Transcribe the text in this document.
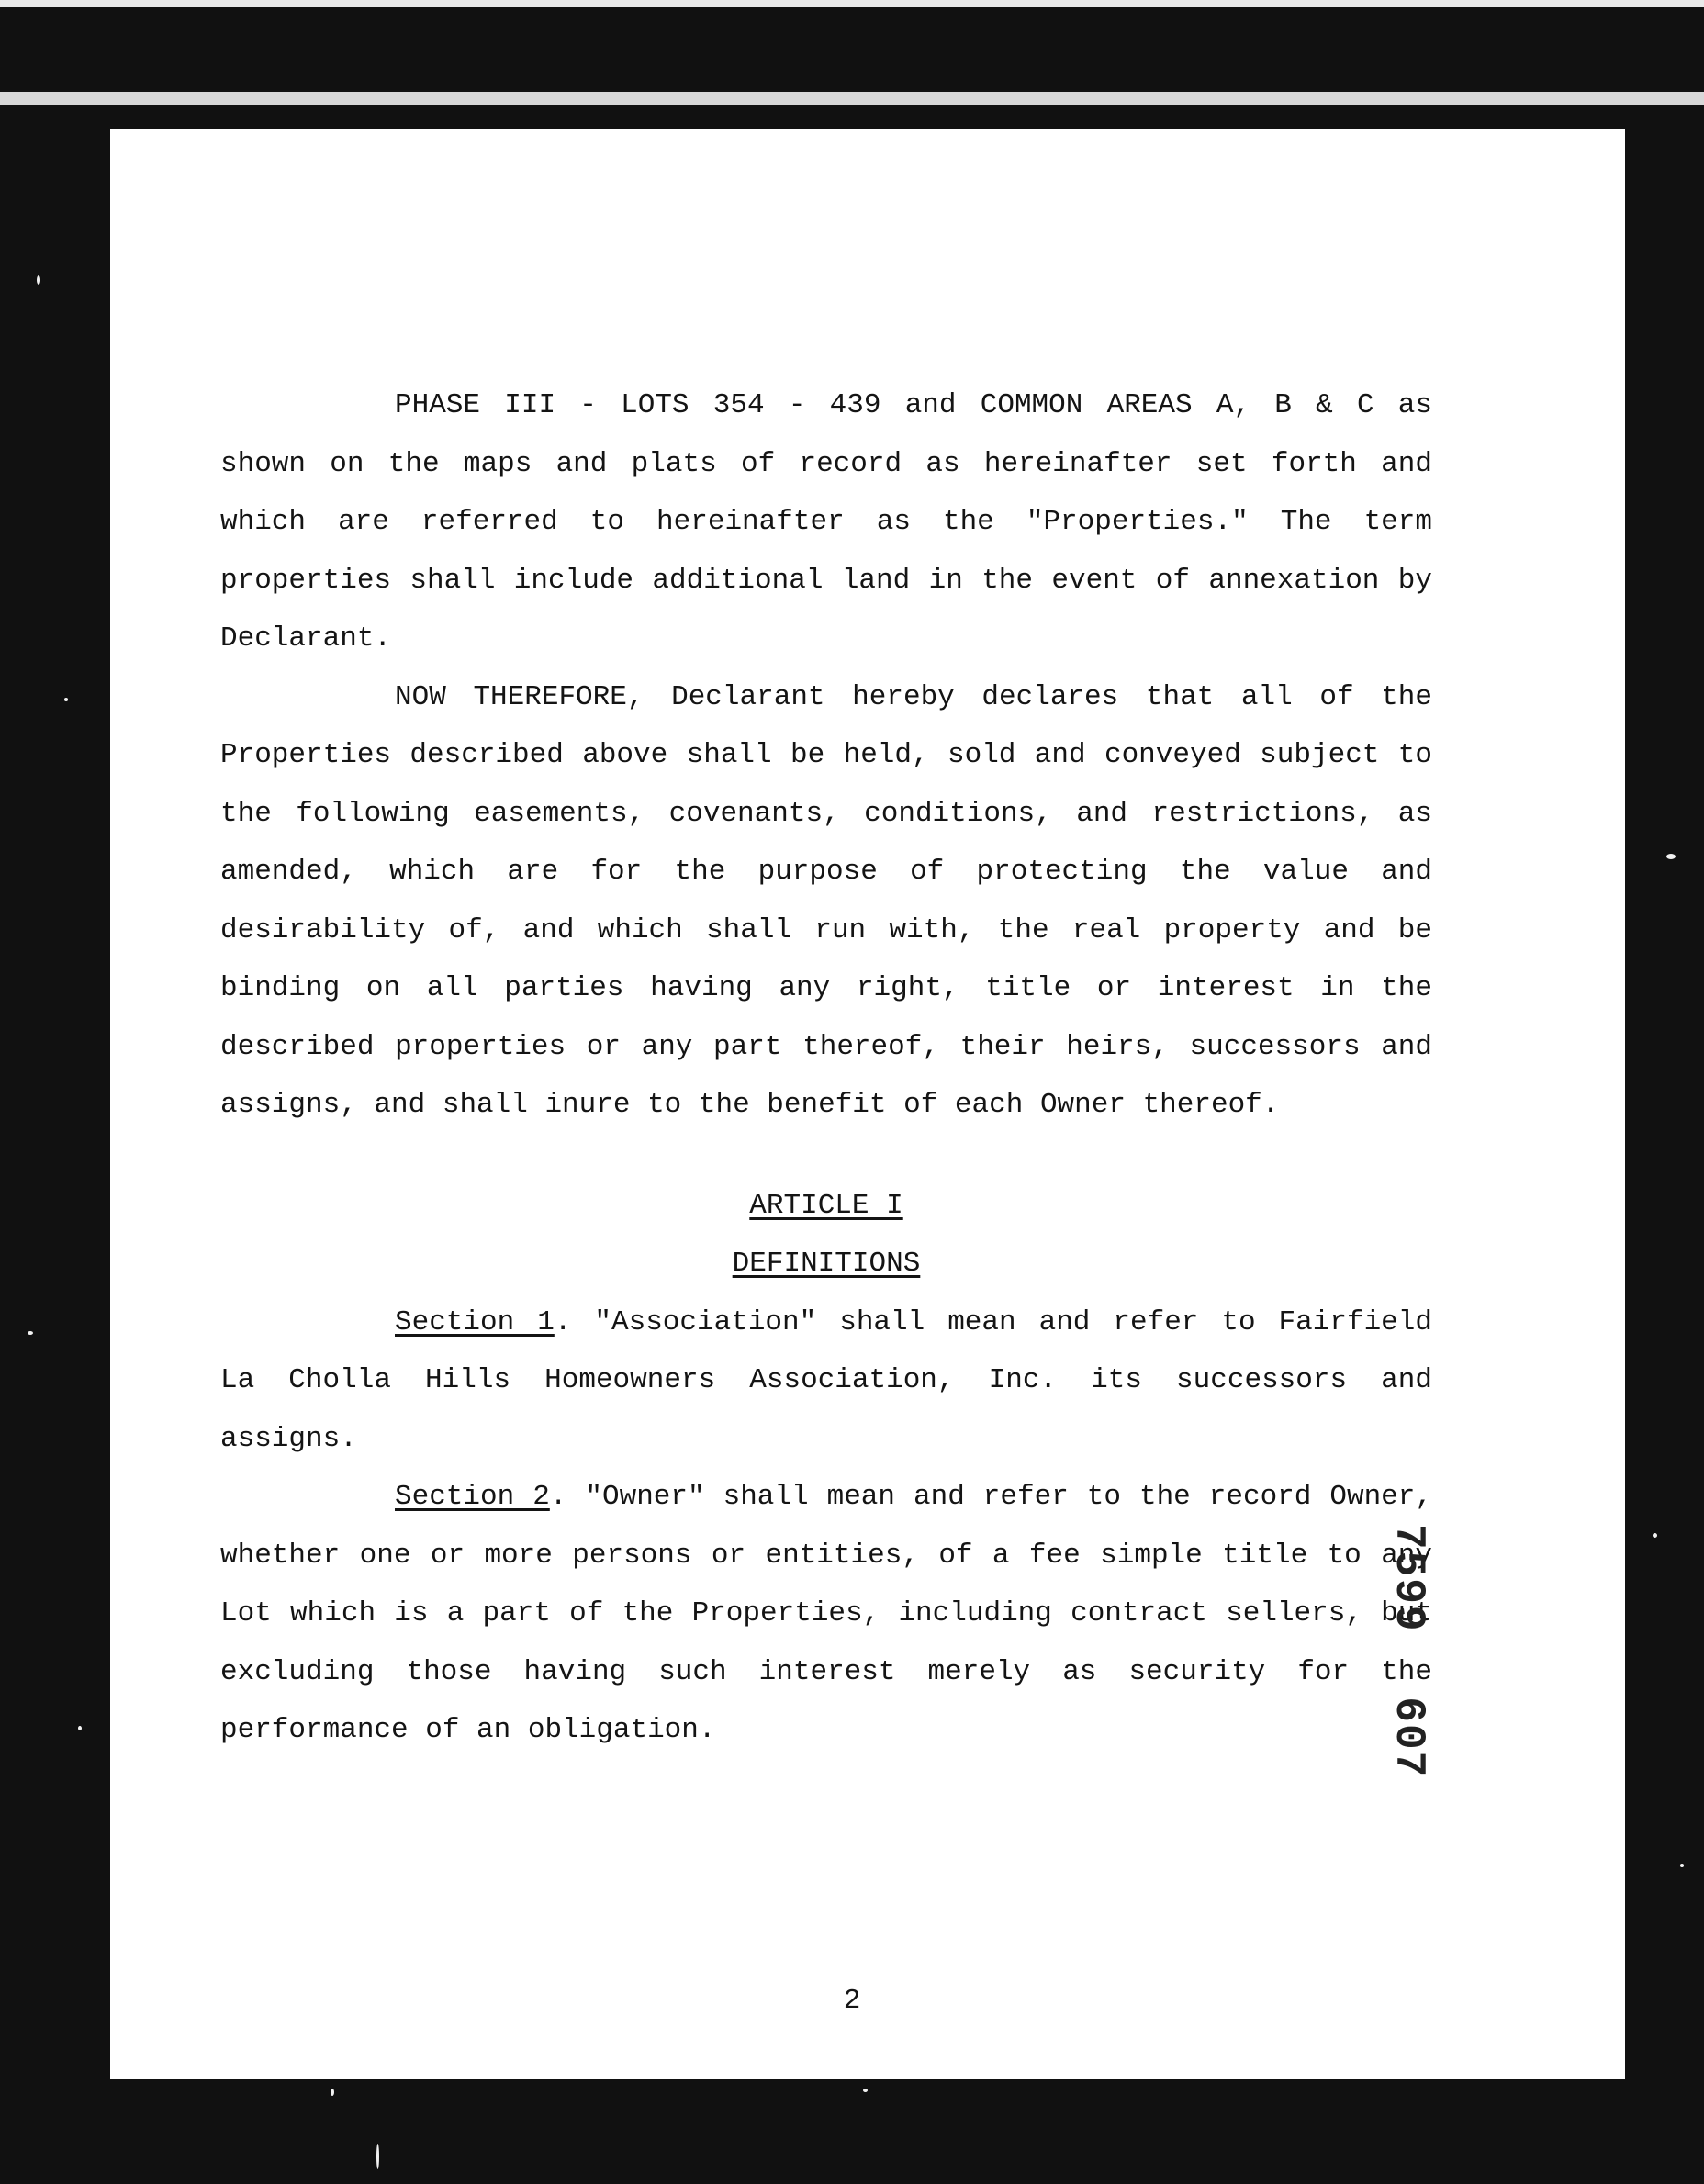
PHASE III - LOTS 354 - 439 and COMMON AREAS A, B & C as shown on the maps and plats of record as hereinafter set forth and which are referred to hereinafter as the "Properties." The term properties shall include additional land in the event of annexation by Declarant.

NOW THEREFORE, Declarant hereby declares that all of the Properties described above shall be held, sold and conveyed subject to the following easements, covenants, conditions, and restrictions, as amended, which are for the purpose of protecting the value and desirability of, and which shall run with, the real property and be binding on all parties having any right, title or interest in the described properties or any part thereof, their heirs, successors and assigns, and shall inure to the benefit of each Owner thereof.

ARTICLE I

DEFINITIONS

Section 1. "Association" shall mean and refer to Fairfield La Cholla Hills Homeowners Association, Inc. its successors and assigns.

Section 2. "Owner" shall mean and refer to the record Owner, whether one or more persons or entities, of a fee simple title to any Lot which is a part of the Properties, including contract sellers, but excluding those having such interest merely as security for the performance of an obligation.

2
7599607
